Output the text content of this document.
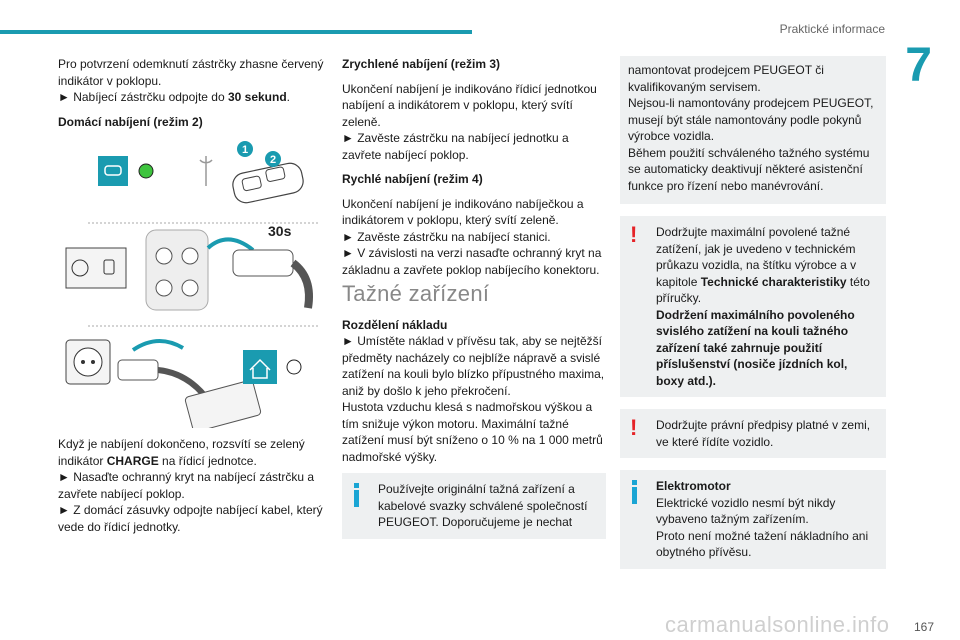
Praktické informace
7

Pro potvrzení odemknutí zástrčky zhasne červený indikátor v poklopu.
► Nabíjecí zástrčku odpojte do 30 sekund.

Domácí nabíjení (režim 2)
1
2
30s

Když je nabíjení dokončeno, rozsvítí se zelený indikátor CHARGE na řídicí jednotce.
► Nasaďte ochranný kryt na nabíjecí zástrčku a zavřete nabíjecí poklop.
► Z domácí zásuvky odpojte nabíjecí kabel, který vede do řídicí jednotky.

Zrychlené nabíjení (režim 3)

Ukončení nabíjení je indikováno řídicí jednotkou nabíjení a indikátorem v poklopu, který svítí zeleně.
► Zavěste zástrčku na nabíjecí jednotku a zavřete nabíjecí poklop.

Rychlé nabíjení (režim 4)

Ukončení nabíjení je indikováno nabíječkou a indikátorem v poklopu, který svítí zeleně.
► Zavěste zástrčku na nabíjecí stanici.
► V závislosti na verzi nasaďte ochranný kryt na základnu a zavřete poklop nabíjecího konektoru.

Tažné zařízení
Rozdělení nákladu

► Umístěte náklad v přívěsu tak, aby se nejtěžší předměty nacházely co nejblíže nápravě a svislé zatížení na kouli bylo blízko přípustného maxima, aniž by došlo k jeho překročení.
Hustota vzduchu klesá s nadmořskou výškou a tím snižuje výkon motoru. Maximální tažné zatížení musí být sníženo o 10 % na 1 000 metrů nadmořské výšky.

Používejte originální tažná zařízení a kabelové svazky schválené společností PEUGEOT. Doporučujeme je nechat
namontovat prodejcem PEUGEOT či kvalifikovaným servisem.
Nejsou-li namontovány prodejcem PEUGEOT, musejí být stále namontovány podle pokynů výrobce vozidla.
Během použití schváleného tažného systému se automaticky deaktivují některé asistenční funkce pro řízení nebo manévrování.
! Dodržujte maximální povolené tažné zatížení, jak je uvedeno v technickém průkazu vozidla, na štítku výrobce a v kapitole Technické charakteristiky této příručky.
Dodržení maximálního povoleného svislého zatížení na kouli tažného zařízení také zahrnuje použití příslušenství (nosiče jízdních kol, boxy atd.).
! Dodržujte právní předpisy platné v zemi, ve které řídíte vozidlo.
Elektromotor
Elektrické vozidlo nesmí být nikdy vybaveno tažným zařízením.
Proto není možné tažení nákladního ani obytného přívěsu.
167
carmanualsonline.info
